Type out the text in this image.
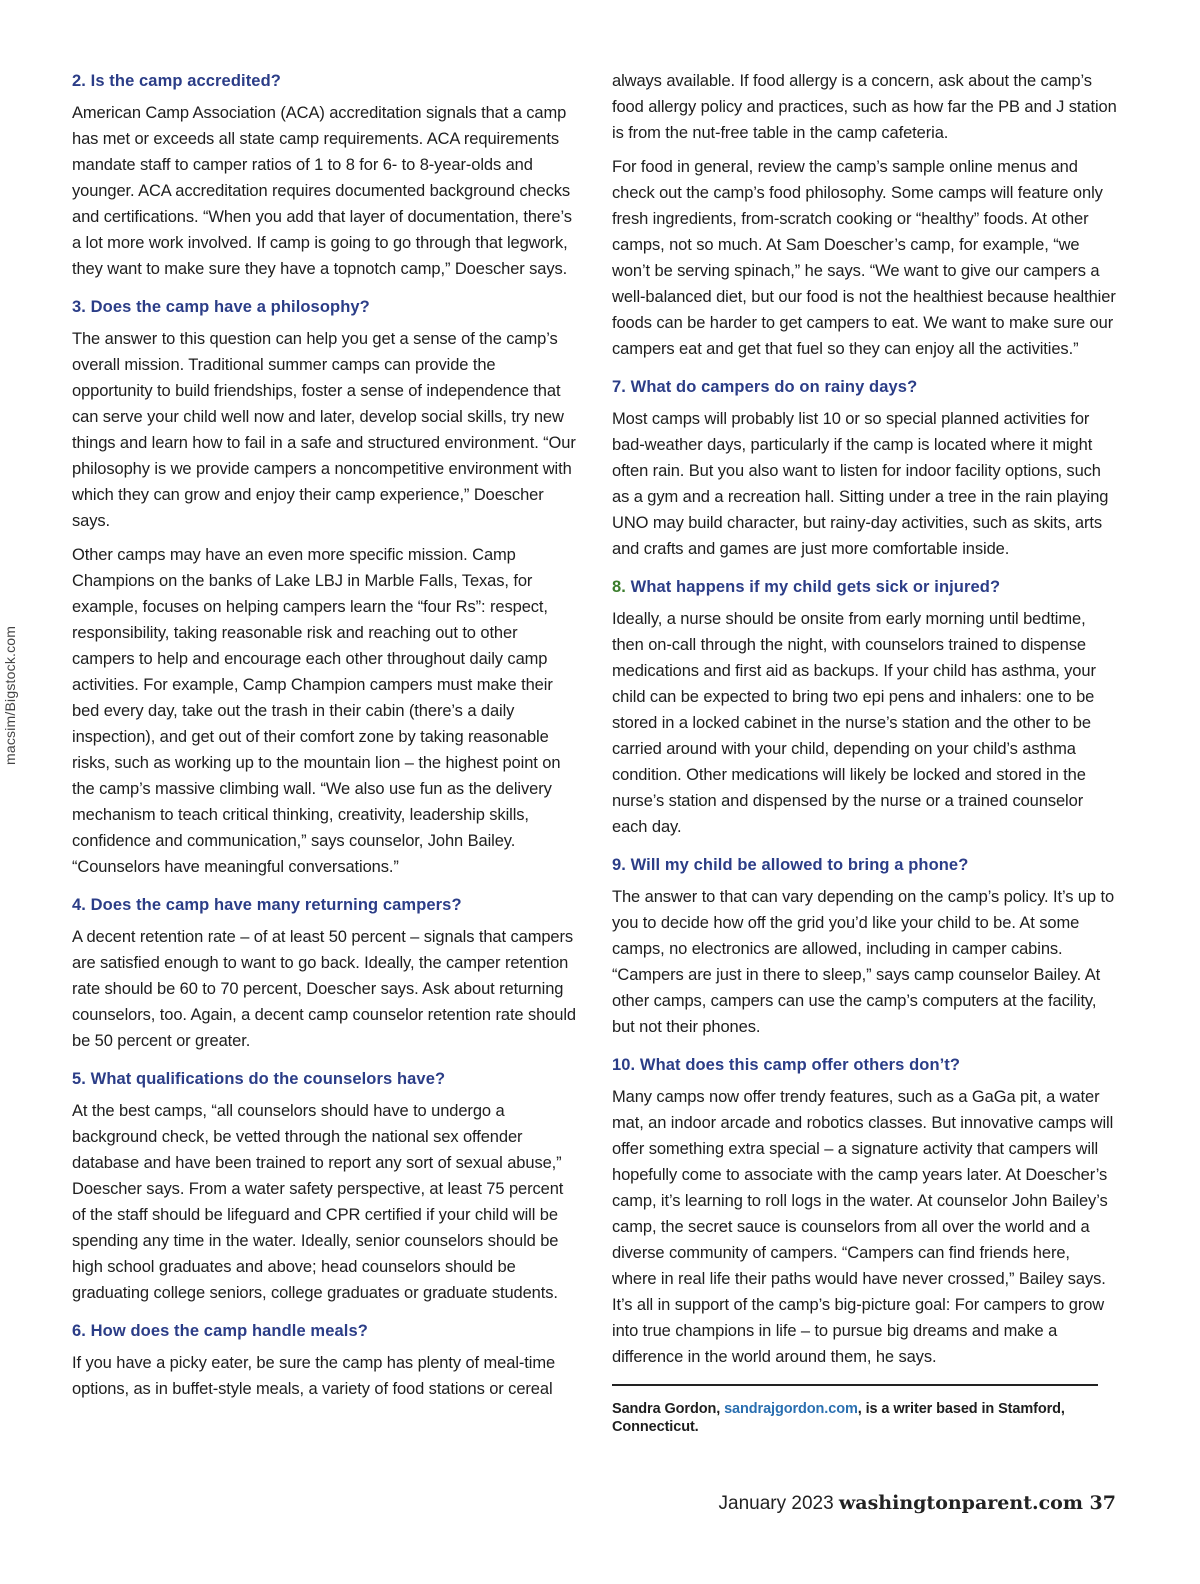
macsim/Bigstock.com
2. Is the camp accredited?

American Camp Association (ACA) accreditation signals that a camp has met or exceeds all state camp requirements. ACA requirements mandate staff to camper ratios of 1 to 8 for 6- to 8-year-olds and younger. ACA accreditation requires documented background checks and certifications. “When you add that layer of documentation, there’s a lot more work involved. If camp is going to go through that legwork, they want to make sure they have a topnotch camp,” Doescher says.

3. Does the camp have a philosophy?

The answer to this question can help you get a sense of the camp’s overall mission. Traditional summer camps can provide the opportunity to build friendships, foster a sense of independence that can serve your child well now and later, develop social skills, try new things and learn how to fail in a safe and structured environment. “Our philosophy is we provide campers a noncompetitive environment with which they can grow and enjoy their camp experience,” Doescher says.

Other camps may have an even more specific mission. Camp Champions on the banks of Lake LBJ in Marble Falls, Texas, for example, focuses on helping campers learn the “four Rs”: respect, responsibility, taking reasonable risk and reaching out to other campers to help and encourage each other throughout daily camp activities. For example, Camp Champion campers must make their bed every day, take out the trash in their cabin (there’s a daily inspection), and get out of their comfort zone by taking reasonable risks, such as working up to the mountain lion – the highest point on the camp’s massive climbing wall. “We also use fun as the delivery mechanism to teach critical thinking, creativity, leadership skills, confidence and communication,” says counselor, John Bailey. “Counselors have meaningful conversations.”

4. Does the camp have many returning campers?

A decent retention rate – of at least 50 percent – signals that campers are satisfied enough to want to go back. Ideally, the camper retention rate should be 60 to 70 percent, Doescher says. Ask about returning counselors, too. Again, a decent camp counselor retention rate should be 50 percent or greater.

5. What qualifications do the counselors have?

At the best camps, “all counselors should have to undergo a background check, be vetted through the national sex offender database and have been trained to report any sort of sexual abuse,” Doescher says. From a water safety perspective, at least 75 percent of the staff should be lifeguard and CPR certified if your child will be spending any time in the water. Ideally, senior counselors should be high school graduates and above; head counselors should be graduating college seniors, college graduates or graduate students.

6. How does the camp handle meals?

If you have a picky eater, be sure the camp has plenty of meal-time options, as in buffet-style meals, a variety of food stations or cereal

always available. If food allergy is a concern, ask about the camp’s food allergy policy and practices, such as how far the PB and J station is from the nut-free table in the camp cafeteria.

For food in general, review the camp’s sample online menus and check out the camp’s food philosophy. Some camps will feature only fresh ingredients, from-scratch cooking or “healthy” foods. At other camps, not so much. At Sam Doescher’s camp, for example, “we won’t be serving spinach,” he says. “We want to give our campers a well-balanced diet, but our food is not the healthiest because healthier foods can be harder to get campers to eat. We want to make sure our campers eat and get that fuel so they can enjoy all the activities.”

7. What do campers do on rainy days?

Most camps will probably list 10 or so special planned activities for bad-weather days, particularly if the camp is located where it might often rain. But you also want to listen for indoor facility options, such as a gym and a recreation hall. Sitting under a tree in the rain playing UNO may build character, but rainy-day activities, such as skits, arts and crafts and games are just more comfortable inside.

8. What happens if my child gets sick or injured?

Ideally, a nurse should be onsite from early morning until bedtime, then on-call through the night, with counselors trained to dispense medications and first aid as backups. If your child has asthma, your child can be expected to bring two epi pens and inhalers: one to be stored in a locked cabinet in the nurse’s station and the other to be carried around with your child, depending on your child’s asthma condition. Other medications will likely be locked and stored in the nurse’s station and dispensed by the nurse or a trained counselor each day.

9. Will my child be allowed to bring a phone?

The answer to that can vary depending on the camp’s policy. It’s up to you to decide how off the grid you’d like your child to be. At some camps, no electronics are allowed, including in camper cabins. “Campers are just in there to sleep,” says camp counselor Bailey. At other camps, campers can use the camp’s computers at the facility, but not their phones.

10. What does this camp offer others don’t?

Many camps now offer trendy features, such as a GaGa pit, a water mat, an indoor arcade and robotics classes. But innovative camps will offer something extra special – a signature activity that campers will hopefully come to associate with the camp years later. At Doescher’s camp, it’s learning to roll logs in the water. At counselor John Bailey’s camp, the secret sauce is counselors from all over the world and a diverse community of campers. “Campers can find friends here, where in real life their paths would have never crossed,” Bailey says. It’s all in support of the camp’s big-picture goal: For campers to grow into true champions in life – to pursue big dreams and make a difference in the world around them, he says.

Sandra Gordon, sandrajgordon.com, is a writer based in Stamford, Connecticut.
January 2023 washingtonparent.com 37
